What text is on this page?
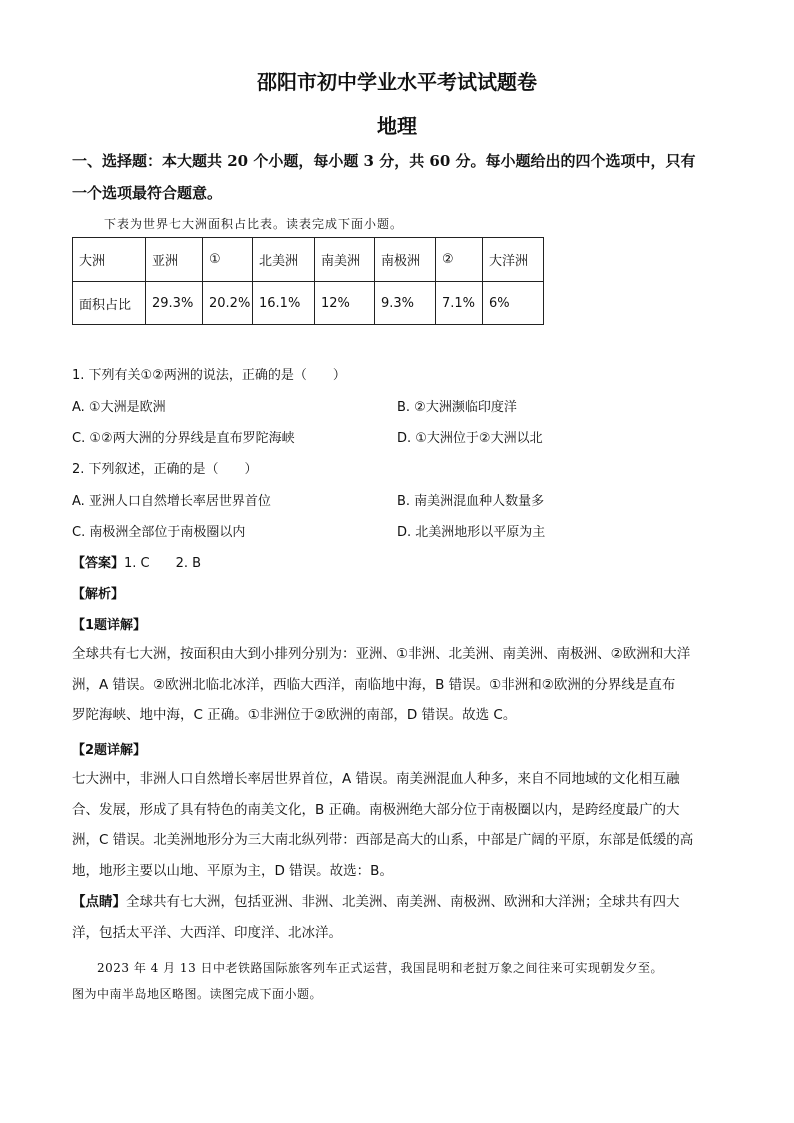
邵阳市初中学业水平考试试题卷
地理
一、选择题：本大题共 20 个小题，每小题 3 分，共 60 分。每小题给出的四个选项中，只有
一个选项最符合题意。
下表为世界七大洲面积占比表。读表完成下面小题。
大洲	亚洲	①	北美洲	南美洲	南极洲	②	大洋洲
面积占比	29.3%	20.2%	16.1%	12%	9.3%	7.1%	6%
1. 下列有关①②两洲的说法，正确的是（　　）
A. ①大洲是欧洲	B. ②大洲濒临印度洋
C. ①②两大洲的分界线是直布罗陀海峡	D. ①大洲位于②大洲以北
2. 下列叙述，正确的是（　　）
A. 亚洲人口自然增长率居世界首位	B. 南美洲混血种人数量多
C. 南极洲全部位于南极圈以内	D. 北美洲地形以平原为主
【答案】1. C　　2. B
【解析】
【1题详解】
全球共有七大洲，按面积由大到小排列分别为：亚洲、①非洲、北美洲、南美洲、南极洲、②欧洲和大洋
洲，A 错误。②欧洲北临北冰洋，西临大西洋，南临地中海，B 错误。①非洲和②欧洲的分界线是直布
罗陀海峡、地中海，C 正确。①非洲位于②欧洲的南部，D 错误。故选 C。
【2题详解】
七大洲中，非洲人口自然增长率居世界首位，A 错误。南美洲混血人种多，来自不同地域的文化相互融
合、发展，形成了具有特色的南美文化，B 正确。南极洲绝大部分位于南极圈以内，是跨经度最广的大
洲，C 错误。北美洲地形分为三大南北纵列带：西部是高大的山系，中部是广阔的平原，东部是低缓的高
地，地形主要以山地、平原为主，D 错误。故选：B。
【点睛】全球共有七大洲，包括亚洲、非洲、北美洲、南美洲、南极洲、欧洲和大洋洲；全球共有四大
洋，包括太平洋、大西洋、印度洋、北冰洋。
　　2023 年 4 月 13 日中老铁路国际旅客列车正式运营，我国昆明和老挝万象之间往来可实现朝发夕至。
图为中南半岛地区略图。读图完成下面小题。
